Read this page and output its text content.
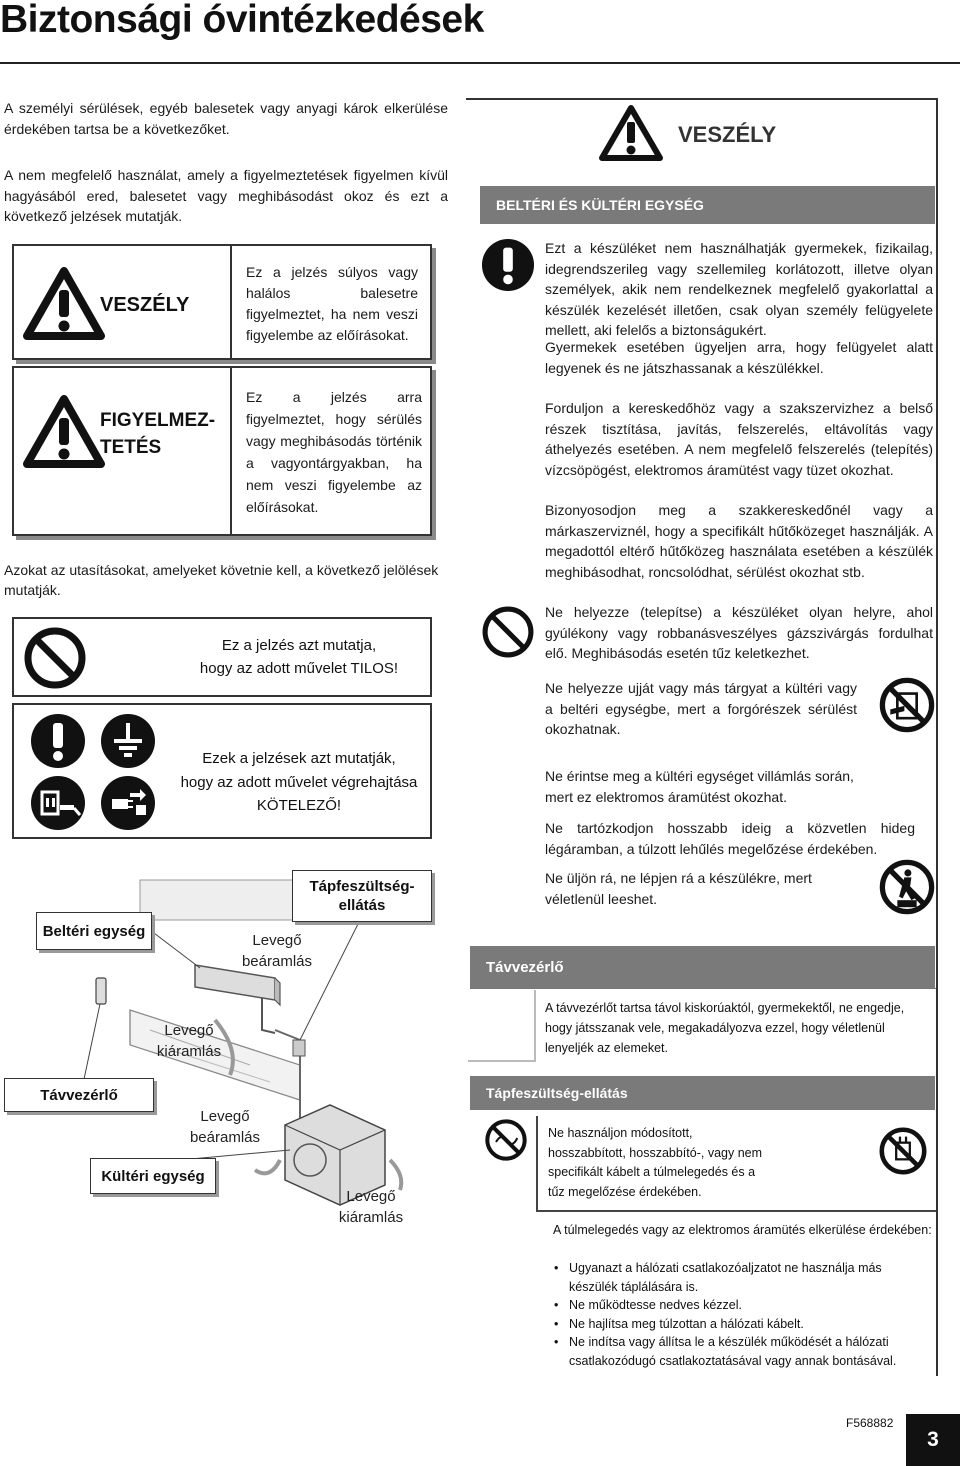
Biztonsági óvintézkedések
A személyi sérülések, egyéb balesetek vagy anyagi károk elkerülése érdekében tartsa be a következőket.
A nem megfelelő használat, amely a figyelmeztetések figyelmen kívül hagyásából ered, balesetet vagy meghibásodást okoz és ezt a következő jelzések mutatják.
VESZÉLY
Ez a jelzés súlyos vagy halálos balesetre figyelmeztet, ha nem veszi figyelembe az előírásokat.
FIGYELMEZ-
TETÉS
Ez a jelzés arra figyelmeztet, hogy sérülés vagy meghibásodás történik a vagyontárgyakban, ha nem veszi figyelembe az előírásokat.
Azokat az utasításokat, amelyeket követnie kell, a következő jelölések mutatják.
Ez a jelzés azt mutatja,
hogy az adott művelet TILOS!
Ezek a jelzések azt mutatják,
hogy az adott művelet végrehajtása
KÖTELEZŐ!
Beltéri egység
Távvezérlő
Kültéri egység
Tápfeszültség-
ellátás
Levegő
beáramlás
Levegő
kiáramlás
Levegő
beáramlás
Levegő
kiáramlás
VESZÉLY
BELTÉRI ÉS KÜLTÉRI EGYSÉG
Ezt a készüléket nem használhatják gyermekek, fizikailag, idegrendszerileg vagy szellemileg korlátozott, illetve olyan személyek, akik nem rendelkeznek megfelelő gyakorlattal a készülék kezelését illetően, csak olyan személy felügyelete mellett, aki felelős a biztonságukért.
Gyermekek esetében ügyeljen arra, hogy felügyelet alatt legyenek és ne játszhassanak a készülékkel.
Forduljon a kereskedőhöz vagy a szakszervizhez a belső részek tisztítása, javítás, felszerelés, eltávolítás vagy áthelyezés esetében. A nem megfelelő felszerelés (telepítés) vízcsöpögést, elektromos áramütést vagy tüzet okozhat.
Bizonyosodjon meg a szakkereskedőnél vagy a márkaszerviznél, hogy a specifikált hűtőközeget használják. A megadottól eltérő hűtőközeg használata esetében a készülék meghibásodhat, roncsolódhat, sérülést okozhat stb.
Ne helyezze (telepítse) a készüléket olyan helyre, ahol gyúlékony vagy robbanásveszélyes gázszivárgás fordulhat elő. Meghibásodás esetén tűz keletkezhet.
Ne helyezze ujját vagy más tárgyat a kültéri vagy a beltéri egységbe, mert a forgórészek sérülést okozhatnak.
Ne érintse meg a kültéri egységet villámlás során, mert ez elektromos áramütést okozhat.
Ne tartózkodjon hosszabb ideig a közvetlen hideg légáramban, a túlzott lehűlés megelőzése érdekében.
Ne üljön rá, ne lépjen rá a készülékre, mert véletlenül leeshet.
Távvezérlő
A távvezérlőt tartsa távol kiskorúaktól, gyermekektől, ne engedje, hogy játsszanak vele, megakadályozva ezzel, hogy véletlenül lenyeljék az elemeket.
Tápfeszültség-ellátás
Ne használjon módosított, hosszabbított, hosszabbító-, vagy nem specifikált kábelt a túlmelegedés és a tűz megelőzése érdekében.
A túlmelegedés vagy az elektromos áramütés elkerülése érdekében:
• Ugyanazt a hálózati csatlakozóaljzatot ne használja más készülék táplálására is.
• Ne működtesse nedves kézzel.
• Ne hajlítsa meg túlzottan a hálózati kábelt.
• Ne indítsa vagy állítsa le a készülék működését a hálózati csatlakozódugó csatlakoztatásával vagy annak bontásával.
F568882
3
